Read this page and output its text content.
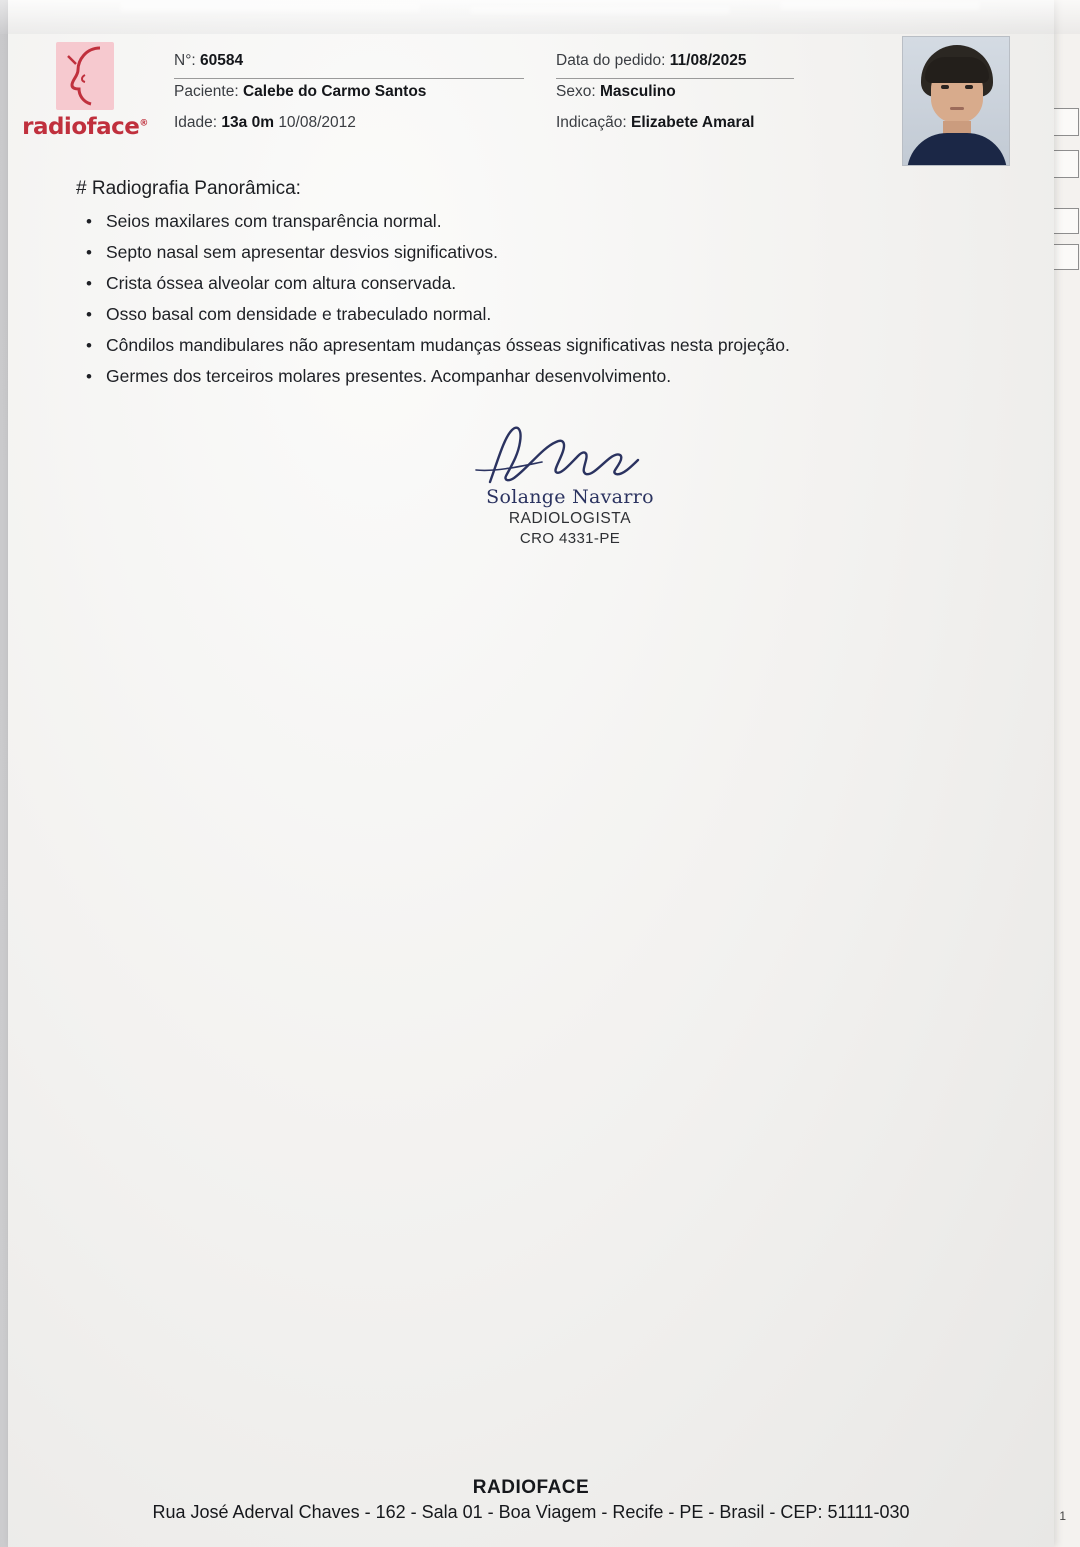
1
radioface®
N°: 60584	Data do pedido: 11/08/2025
Paciente: Calebe do Carmo Santos	Sexo: Masculino
Idade: 13a 0m 10/08/2012	Indicação: Elizabete Amaral
# Radiografia Panorâmica:
• Seios maxilares com transparência normal.
• Septo nasal sem apresentar desvios significativos.
• Crista óssea alveolar com altura conservada.
• Osso basal com densidade e trabeculado normal.
• Côndilos mandibulares não apresentam mudanças ósseas significativas nesta projeção.
• Germes dos terceiros molares presentes. Acompanhar desenvolvimento.
Solange Navarro
RADIOLOGISTA
CRO 4331-PE
RADIOFACE
Rua José Aderval Chaves - 162 - Sala 01 - Boa Viagem - Recife - PE - Brasil - CEP: 51111-030
